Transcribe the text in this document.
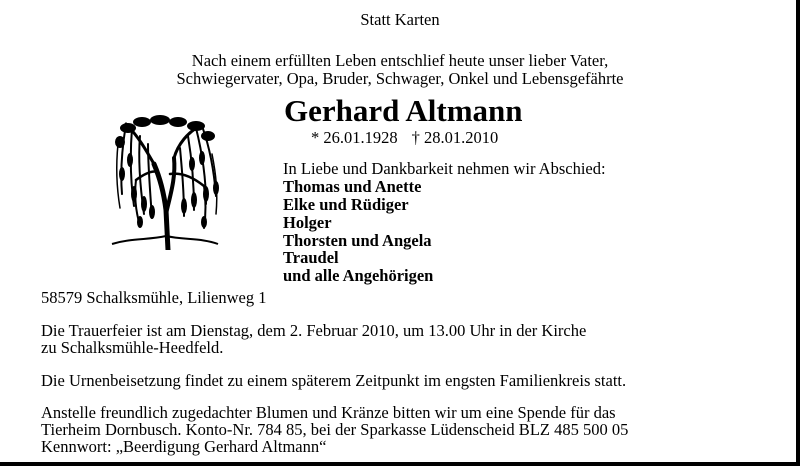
Statt Karten
Nach einem erfüllten Leben entschlief heute unser lieber Vater,
Schwiegervater, Opa, Bruder, Schwager, Onkel und Lebensgefährte
Gerhard Altmann
* 26.01.1928 † 28.01.2010
In Liebe und Dankbarkeit nehmen wir Abschied:
Thomas und Anette
Elke und Rüdiger
Holger
Thorsten und Angela
Traudel
und alle Angehörigen
58579 Schalksmühle, Lilienweg 1
Die Trauerfeier ist am Dienstag, dem 2. Februar 2010, um 13.00 Uhr in der Kirche
zu Schalksmühle-Heedfeld.
Die Urnenbeisetzung findet zu einem späterem Zeitpunkt im engsten Familienkreis statt.
Anstelle freundlich zugedachter Blumen und Kränze bitten wir um eine Spende für das
Tierheim Dornbusch. Konto-Nr. 784 85, bei der Sparkasse Lüdenscheid BLZ 485 500 05
Kennwort: „Beerdigung Gerhard Altmann“
